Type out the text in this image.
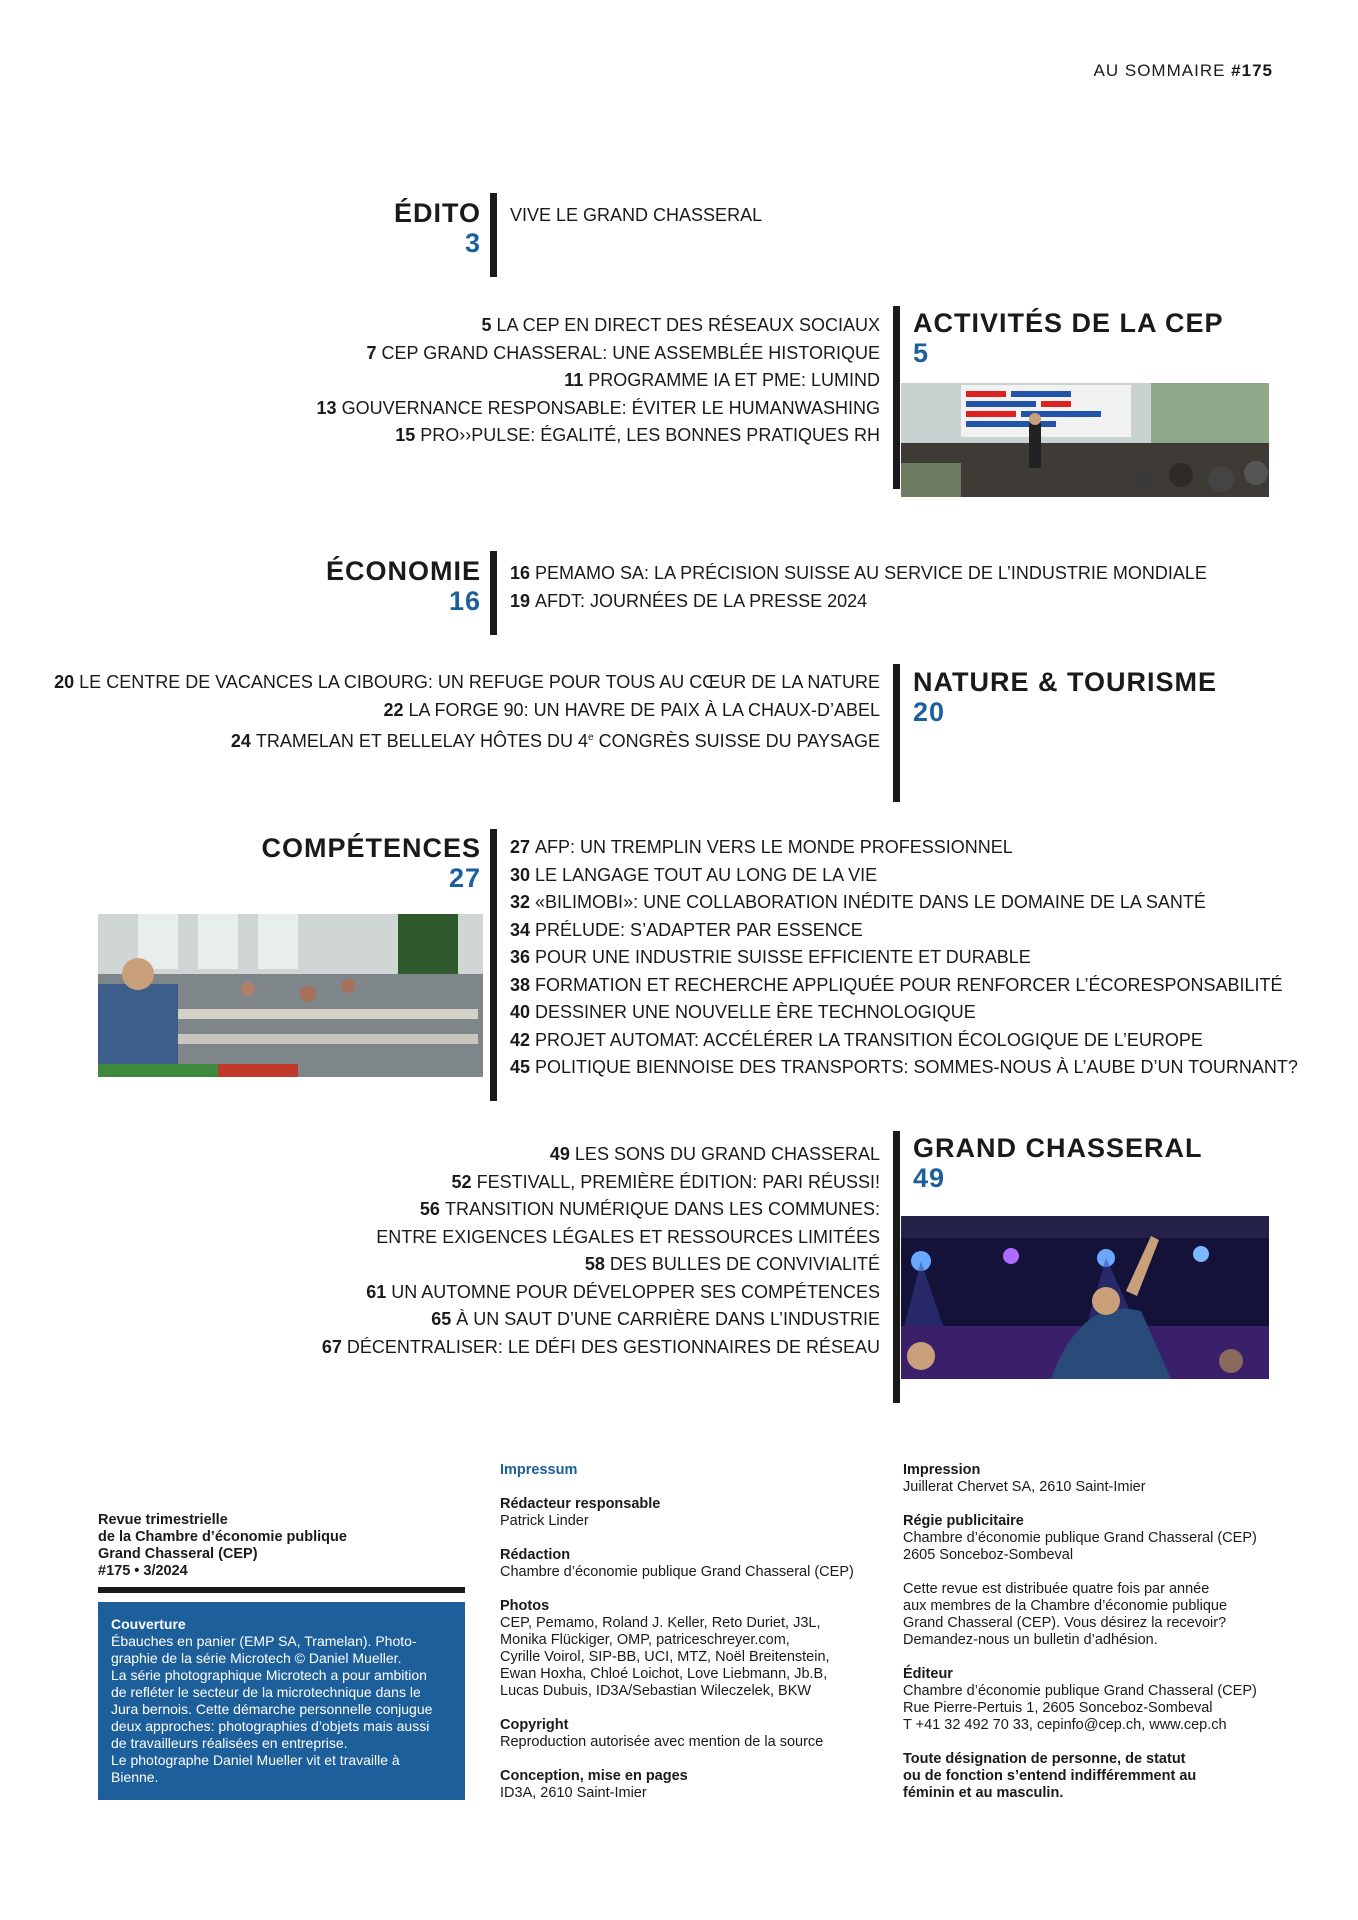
AU SOMMAIRE #175
ÉDITO
3
VIVE LE GRAND CHASSERAL
5 LA CEP EN DIRECT DES RÉSEAUX SOCIAUX
7 CEP GRAND CHASSERAL: UNE ASSEMBLÉE HISTORIQUE
11 PROGRAMME IA ET PME: LUMIND
13 GOUVERNANCE RESPONSABLE: ÉVITER LE HUMANWASHING
15 PRO››PULSE: ÉGALITÉ, LES BONNES PRATIQUES RH
ACTIVITÉS DE LA CEP
5
ÉCONOMIE
16
16 PEMAMO SA: LA PRÉCISION SUISSE AU SERVICE DE L’INDUSTRIE MONDIALE
19 AFDT: JOURNÉES DE LA PRESSE 2024
20 LE CENTRE DE VACANCES LA CIBOURG: UN REFUGE POUR TOUS AU CŒUR DE LA NATURE
22 LA FORGE 90: UN HAVRE DE PAIX À LA CHAUX-D’ABEL
24 TRAMELAN ET BELLELAY HÔTES DU 4e CONGRÈS SUISSE DU PAYSAGE
NATURE & TOURISME
20
COMPÉTENCES
27
27 AFP: UN TREMPLIN VERS LE MONDE PROFESSIONNEL
30 LE LANGAGE TOUT AU LONG DE LA VIE
32 «BILIMOBI»: UNE COLLABORATION INÉDITE DANS LE DOMAINE DE LA SANTÉ
34 PRÉLUDE: S’ADAPTER PAR ESSENCE
36 POUR UNE INDUSTRIE SUISSE EFFICIENTE ET DURABLE
38 FORMATION ET RECHERCHE APPLIQUÉE POUR RENFORCER L’ÉCORESPONSABILITÉ
40 DESSINER UNE NOUVELLE ÈRE TECHNOLOGIQUE
42 PROJET AUTOMAT: ACCÉLÉRER LA TRANSITION ÉCOLOGIQUE DE L’EUROPE
45 POLITIQUE BIENNOISE DES TRANSPORTS: SOMMES-NOUS À L’AUBE D’UN TOURNANT?
49 LES SONS DU GRAND CHASSERAL
52 FESTIVALL, PREMIÈRE ÉDITION: PARI RÉUSSI!
56 TRANSITION NUMÉRIQUE DANS LES COMMUNES:
ENTRE EXIGENCES LÉGALES ET RESSOURCES LIMITÉES
58 DES BULLES DE CONVIVIALITÉ
61 UN AUTOMNE POUR DÉVELOPPER SES COMPÉTENCES
65 À UN SAUT D’UNE CARRIÈRE DANS L’INDUSTRIE
67 DÉCENTRALISER: LE DÉFI DES GESTIONNAIRES DE RÉSEAU
GRAND CHASSERAL
49
Revue trimestrielle
de la Chambre d’économie publique
Grand Chasseral (CEP)
#175 • 3/2024
Couverture
Ébauches en panier (EMP SA, Tramelan). Photo-
graphie de la série Microtech © Daniel Mueller.
La série photographique Microtech a pour ambition
de refléter le secteur de la microtechnique dans le
Jura bernois. Cette démarche personnelle conjugue
deux approches: photographies d’objets mais aussi
de travailleurs réalisées en entreprise.
Le photographe Daniel Mueller vit et travaille à
Bienne.
Impressum
Rédacteur responsable
Patrick Linder
Rédaction
Chambre d’économie publique Grand Chasseral (CEP)
Photos
CEP, Pemamo, Roland J. Keller, Reto Duriet, J3L,
Monika Flückiger, OMP, patriceschreyer.com,
Cyrille Voirol, SIP-BB, UCI, MTZ, Noël Breitenstein,
Ewan Hoxha, Chloé Loichot, Love Liebmann, Jb.B,
Lucas Dubuis, ID3A/Sebastian Wileczelek, BKW
Copyright
Reproduction autorisée avec mention de la source
Conception, mise en pages
ID3A, 2610 Saint-Imier
Impression
Juillerat Chervet SA, 2610 Saint-Imier
Régie publicitaire
Chambre d’économie publique Grand Chasseral (CEP)
2605 Sonceboz-Sombeval
Cette revue est distribuée quatre fois par année
aux membres de la Chambre d’économie publique
Grand Chasseral (CEP). Vous désirez la recevoir?
Demandez-nous un bulletin d’adhésion.
Éditeur
Chambre d’économie publique Grand Chasseral (CEP)
Rue Pierre-Pertuis 1, 2605 Sonceboz-Sombeval
T +41 32 492 70 33, cepinfo@cep.ch, www.cep.ch
Toute désignation de personne, de statut
ou de fonction s’entend indifféremment au
féminin et au masculin.
